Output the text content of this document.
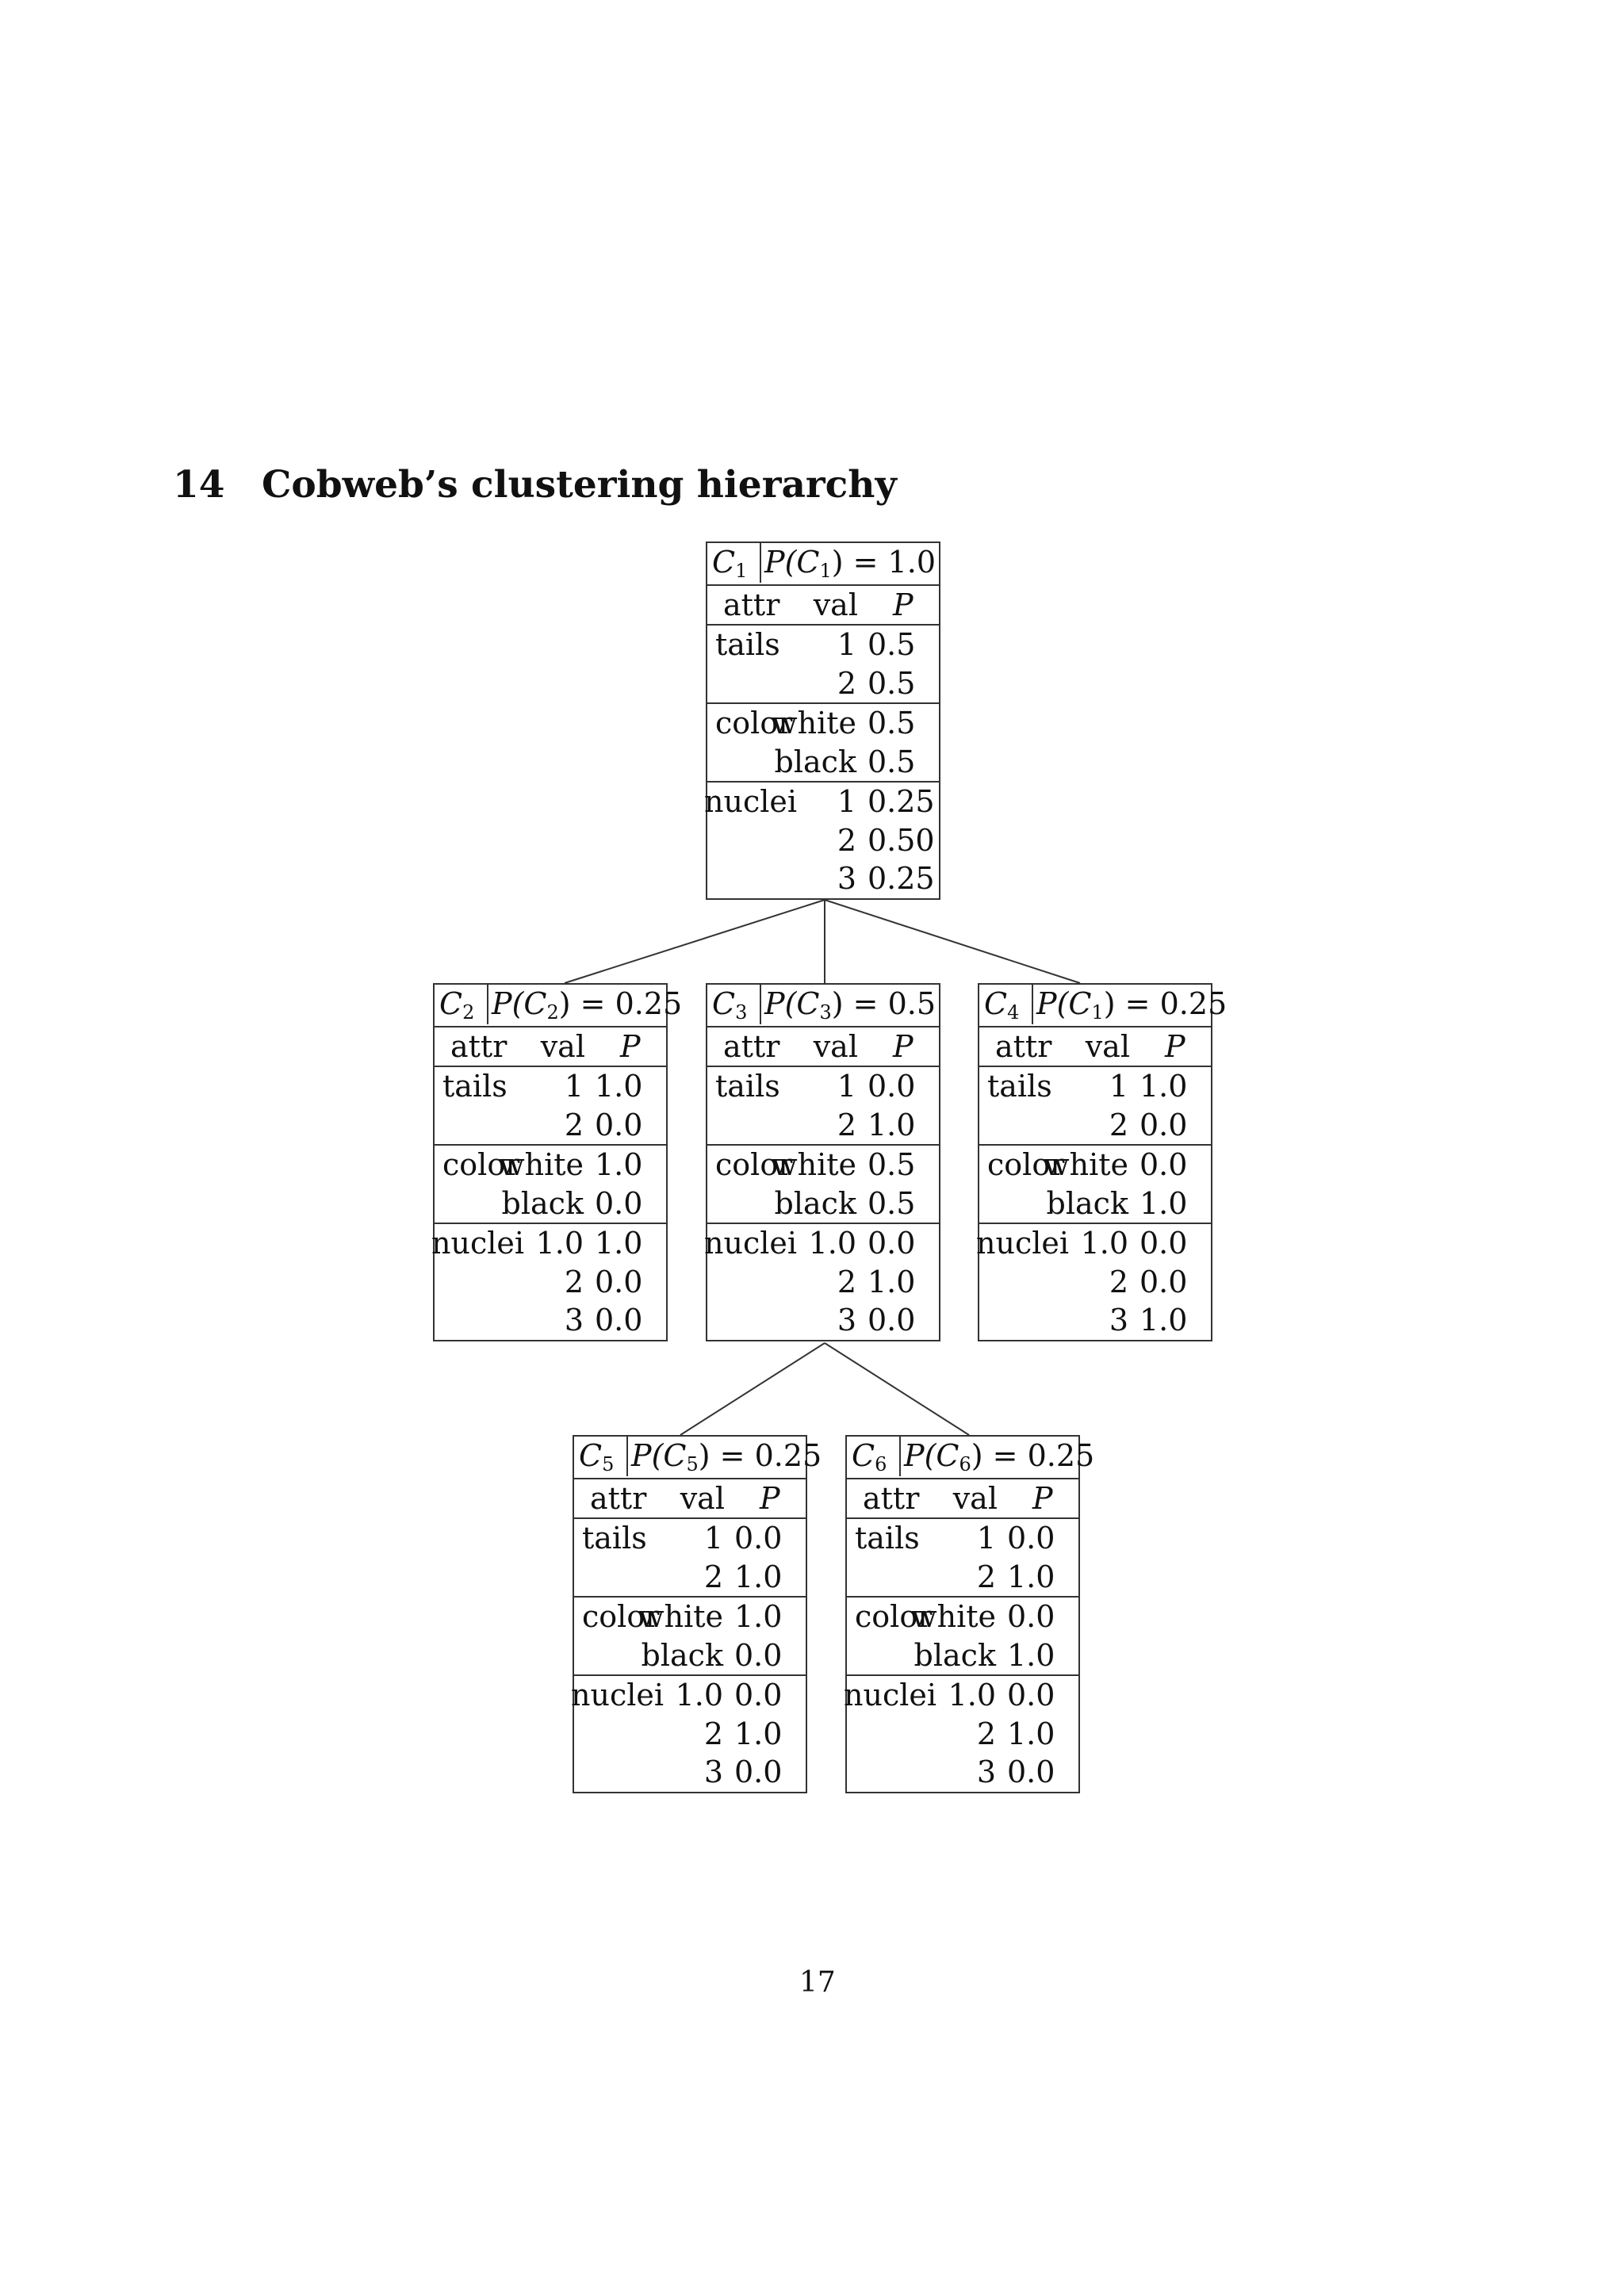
14 Cobweb’s clustering hierarchy
$C_1$ $P(C_1) = 1.0$
attr val P
tails 1 0.5
2 0.5
color
white 0.5
black 0.5
nuclei 1 0.25
2 0.50
3 0.25
$C_2$ $P(C_2) = 0.25$
attr val P
tails 1 1.0
2 0.0
color
white 1.0
black 0.0
nuclei 1.0 1.0
2 0.0
3 0.0
$C_3$ $P(C_3) = 0.5$
attr val P
tails 1 0.0
2 1.0
color
white 0.5
black 0.5
nuclei 1.0 0.0
2 1.0
3 0.0
$C_4$ $P(C_1) = 0.25$
attr val P
tails 1 1.0
2 0.0
color
white 0.0
black 1.0
nuclei 1.0 0.0
2 0.0
3 1.0
$C_5$ $P(C_5) = 0.25$
attr val P
tails 1 0.0
2 1.0
color
white 1.0
black 0.0
nuclei 1.0 0.0
2 1.0
3 0.0
$C_6$ $P(C_6) = 0.25$
attr val P
tails 1 0.0
2 1.0
color
white 0.0
black 1.0
nuclei 1.0 0.0
2 1.0
3 0.0
17
